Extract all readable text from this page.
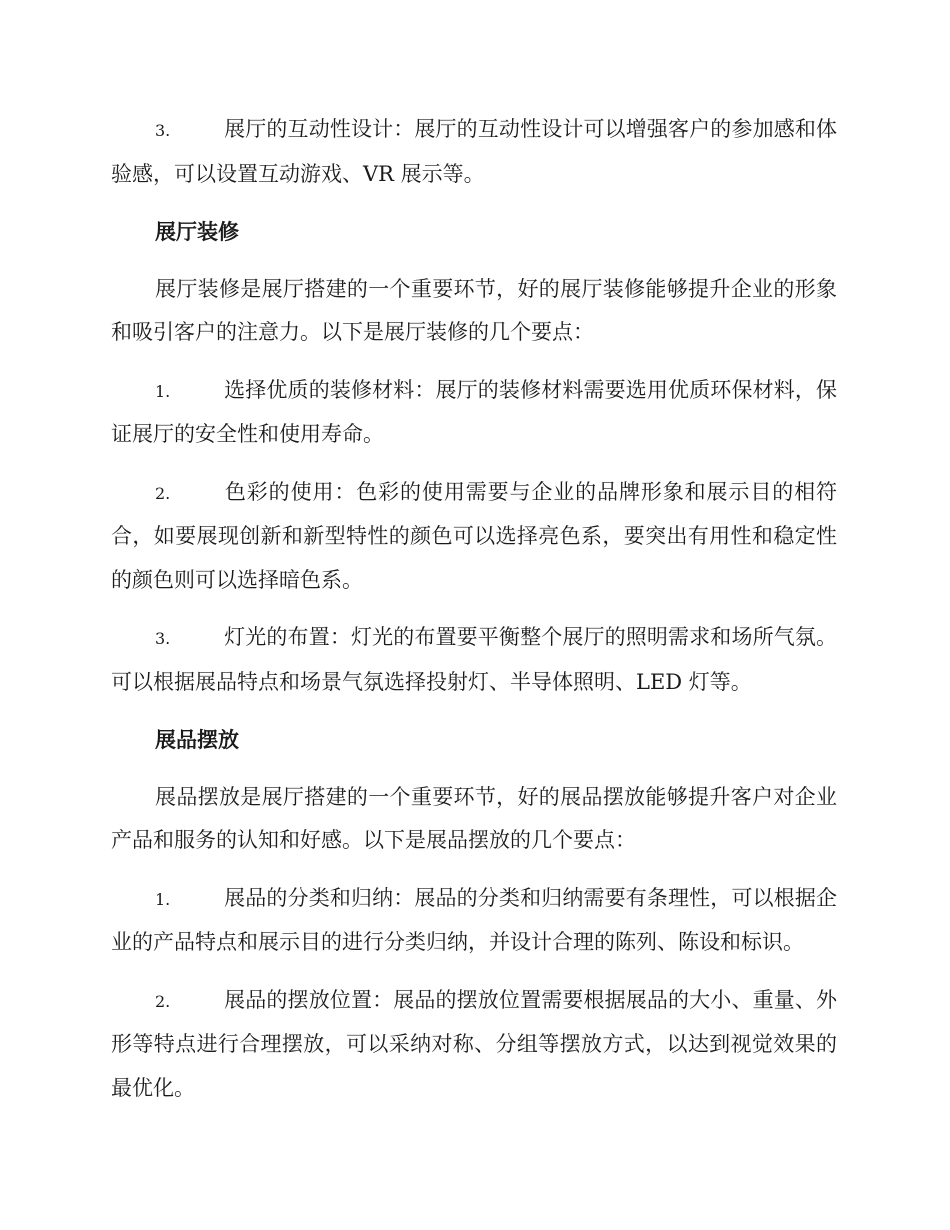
3.	展厅的互动性设计：展厅的互动性设计可以增强客户的参加感和体验感，可以设置互动游戏、VR 展示等。

展厅装修

展厅装修是展厅搭建的一个重要环节，好的展厅装修能够提升企业的形象和吸引客户的注意力。以下是展厅装修的几个要点：

1.	选择优质的装修材料：展厅的装修材料需要选用优质环保材料，保证展厅的安全性和使用寿命。

2.	色彩的使用：色彩的使用需要与企业的品牌形象和展示目的相符合，如要展现创新和新型特性的颜色可以选择亮色系，要突出有用性和稳定性的颜色则可以选择暗色系。

3.	灯光的布置：灯光的布置要平衡整个展厅的照明需求和场所气氛。可以根据展品特点和场景气氛选择投射灯、半导体照明、LED 灯等。

展品摆放

展品摆放是展厅搭建的一个重要环节，好的展品摆放能够提升客户对企业产品和服务的认知和好感。以下是展品摆放的几个要点：

1.	展品的分类和归纳：展品的分类和归纳需要有条理性，可以根据企业的产品特点和展示目的进行分类归纳，并设计合理的陈列、陈设和标识。

2.	展品的摆放位置：展品的摆放位置需要根据展品的大小、重量、外形等特点进行合理摆放，可以采纳对称、分组等摆放方式，以达到视觉效果的最优化。
